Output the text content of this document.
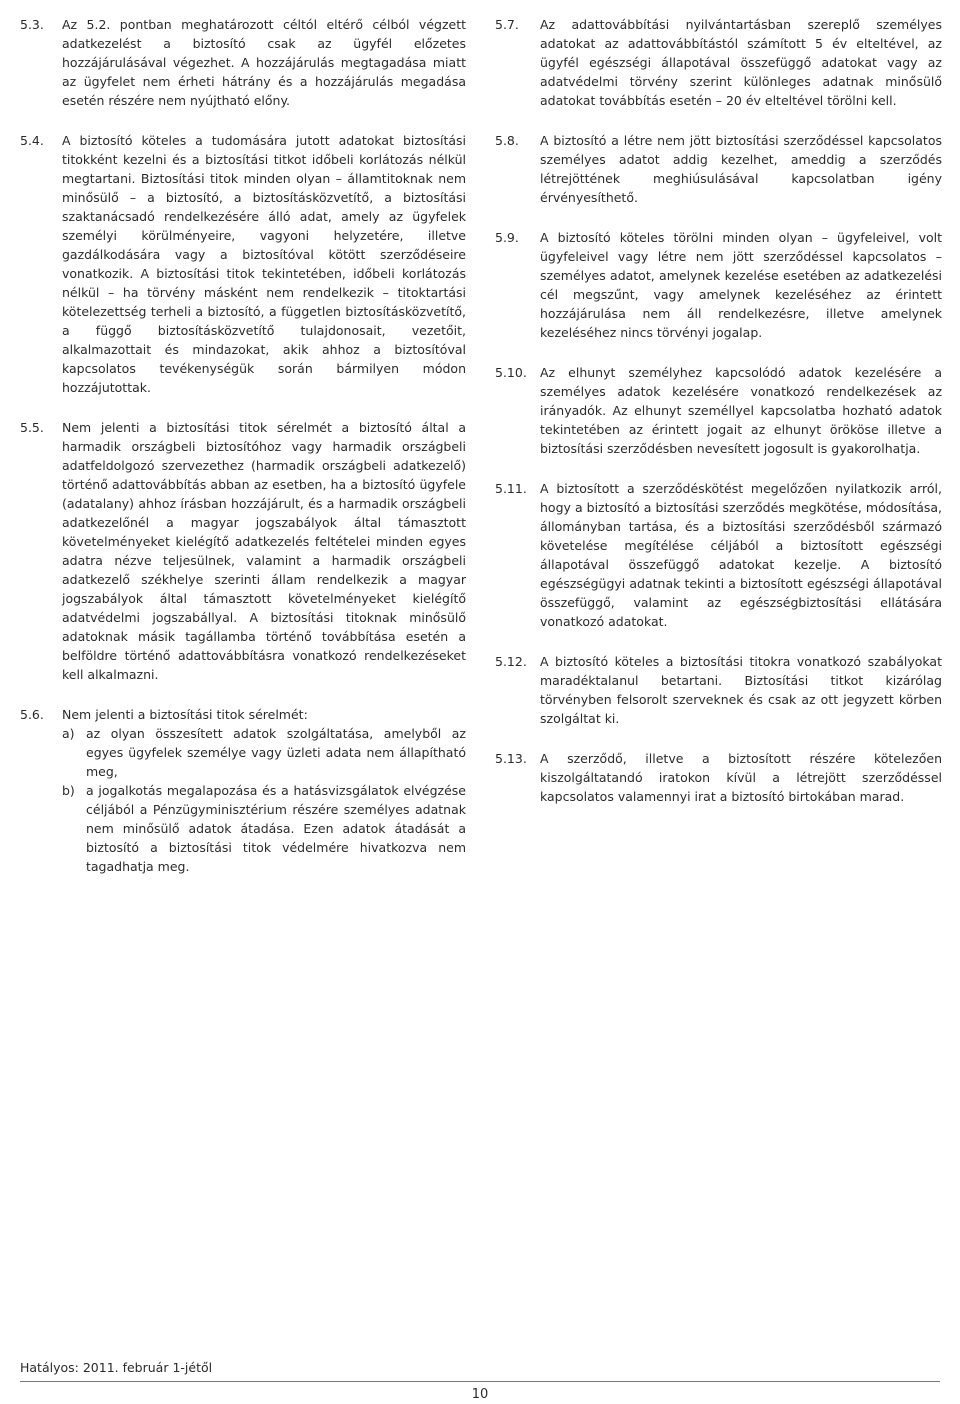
5.3.	Az 5.2. pontban meghatározott céltól eltérő célból végzett adatkezelést a biztosító csak az ügyfél előzetes hozzájárulásával végezhet. A hozzájárulás megtagadása miatt az ügyfelet nem érheti hátrány és a hozzájárulás megadása esetén részére nem nyújtható előny.
5.4.	A biztosító köteles a tudomására jutott adatokat biztosítási titokként kezelni és a biztosítási titkot időbeli korlátozás nélkül megtartani. Biztosítási titok minden olyan – államtitoknak nem minősülő – a biztosító, a biztosításközvetítő, a biztosítási szaktanácsadó rendelkezésére álló adat, amely az ügyfelek személyi körülményeire, vagyoni helyzetére, illetve gazdálkodására vagy a biztosítóval kötött szerződéseire vonatkozik. A biztosítási titok tekintetében, időbeli korlátozás nélkül – ha törvény másként nem rendelkezik – titoktartási kötelezettség terheli a biztosító, a független biztosításközvetítő, a függő biztosításközvetítő tulajdonosait, vezetőit, alkalmazottait és mindazokat, akik ahhoz a biztosítóval kapcsolatos tevékenységük során bármilyen módon hozzájutottak.
5.5.	Nem jelenti a biztosítási titok sérelmét a biztosító által a harmadik országbeli biztosítóhoz vagy harmadik országbeli adatfeldolgozó szervezethez (harmadik országbeli adatkezelő) történő adattovábbítás abban az esetben, ha a biztosító ügyfele (adatalany) ahhoz írásban hozzájárult, és a harmadik országbeli adatkezelőnél a magyar jogszabályok által támasztott követelményeket kielégítő adatkezelés feltételei minden egyes adatra nézve teljesülnek, valamint a harmadik országbeli adatkezelő székhelye szerinti állam rendelkezik a magyar jogszabályok által támasztott követelményeket kielégítő adatvédelmi jogszabállyal. A biztosítási titoknak minősülő adatoknak másik tagállamba történő továbbítása esetén a belföldre történő adattovábbításra vonatkozó rendelkezéseket kell alkalmazni.
5.6.	Nem jelenti a biztosítási titok sérelmét:
a) az olyan összesített adatok szolgáltatása, amelyből az egyes ügyfelek személye vagy üzleti adata nem állapítható meg,
b) a jogalkotás megalapozása és a hatásvizsgálatok elvégzése céljából a Pénzügyminisztérium részére személyes adatnak nem minősülő adatok átadása. Ezen adatok átadását a biztosító a biztosítási titok védelmére hivatkozva nem tagadhatja meg.
5.7.	Az adattovábbítási nyilvántartásban szereplő személyes adatokat az adattovábbítástól számított 5 év elteltével, az ügyfél egészségi állapotával összefüggő adatokat vagy az adatvédelmi törvény szerint különleges adatnak minősülő adatokat továbbítás esetén – 20 év elteltével törölni kell.
5.8.	A biztosító a létre nem jött biztosítási szerződéssel kapcsolatos személyes adatot addig kezelhet, ameddig a szerződés létrejöttének meghiúsulásával kapcsolatban igény érvényesíthető.
5.9.	A biztosító köteles törölni minden olyan – ügyfeleivel, volt ügyfeleivel vagy létre nem jött szerződéssel kapcsolatos – személyes adatot, amelynek kezelése esetében az adatkezelési cél megszűnt, vagy amelynek kezeléséhez az érintett hozzájárulása nem áll rendelkezésre, illetve amelynek kezeléséhez nincs törvényi jogalap.
5.10.	Az elhunyt személyhez kapcsolódó adatok kezelésére a személyes adatok kezelésére vonatkozó rendelkezések az irányadók. Az elhunyt személlyel kapcsolatba hozható adatok tekintetében az érintett jogait az elhunyt örököse illetve a biztosítási szerződésben nevesített jogosult is gyakorolhatja.
5.11.	A biztosított a szerződéskötést megelőzően nyilatkozik arról, hogy a biztosító a biztosítási szerződés megkötése, módosítása, állományban tartása, és a biztosítási szerződésből származó követelése megítélése céljából a biztosított egészségi állapotával összefüggő adatokat kezelje. A biztosító egészségügyi adatnak tekinti a biztosított egészségi állapotával összefüggő, valamint az egészségbiztosítási ellátására vonatkozó adatokat.
5.12.	A biztosító köteles a biztosítási titokra vonatkozó szabályokat maradéktalanul betartani. Biztosítási titkot kizárólag törvényben felsorolt szerveknek és csak az ott jegyzett körben szolgáltat ki.
5.13.	A szerződő, illetve a biztosított részére kötelezően kiszolgáltatandó iratokon kívül a létrejött szerződéssel kapcsolatos valamennyi irat a biztosító birtokában marad.
Hatályos: 2011. február 1-jétől
10
